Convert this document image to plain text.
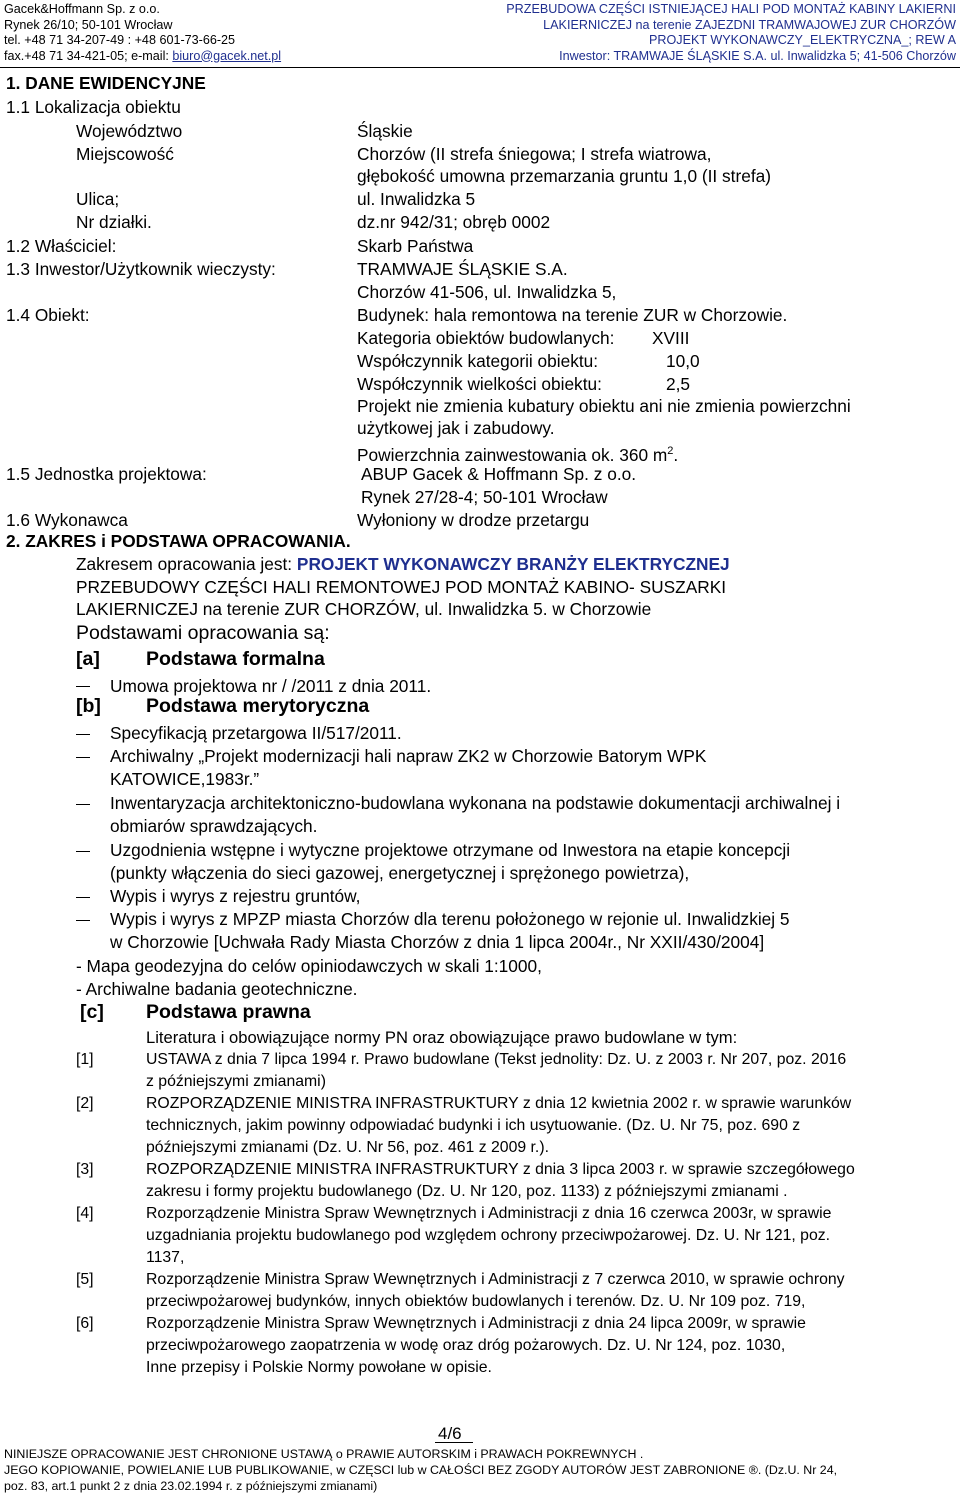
Gacek&Hoffmann Sp. z o.o.
Rynek 26/10; 50-101 Wrocław
tel. +48 71 34-207-49 : +48 601-73-66-25
fax.+48 71 34-421-05; e-mail: biuro@gacek.net.pl
PRZEBUDOWA CZĘŚCI ISTNIEJĄCEJ HALI POD MONTAŻ KABINY LAKIERNI
LAKIERNICZEJ na terenie ZAJEZDNI TRAMWAJOWEJ ZUR CHORZÓW
PROJEKT WYKONAWCZY_ELEKTRYCZNA_; REW A
Inwestor: TRAMWAJE ŚLĄSKIE S.A. ul. Inwalidzka 5; 41-506 Chorzów
1. DANE EWIDENCYJNE
1.1 Lokalizacja obiektu
Województwo	Śląskie
Miejscowość	Chorzów (II strefa śniegowa; I strefa wiatrowa,
głębokość umowna przemarzania gruntu 1,0 (II strefa)
Ulica;	ul. Inwalidzka 5
Nr działki.	dz.nr 942/31; obręb 0002
1.2 Właściciel:	Skarb Państwa
1.3 Inwestor/Użytkownik wieczysty:	TRAMWAJE ŚLĄSKIE S.A.
Chorzów 41-506, ul. Inwalidzka 5,
1.4 Obiekt:	Budynek: hala remontowa na terenie ZUR w Chorzowie.
Kategoria obiektów budowlanych: XVIII
Współczynnik kategorii obiektu:	10,0
Współczynnik wielkości obiektu:	2,5
Projekt nie zmienia kubatury obiektu ani nie zmienia powierzchni
użytkowej jak i zabudowy.
Powierzchnia zainwestowania ok. 360 $m^2$.
1.5 Jednostka projektowa:	ABUP Gacek & Hoffmann Sp. z o.o.
Rynek 27/28-4; 50-101 Wrocław
1.6 Wykonawca	Wyłoniony w drodze przetargu
2. ZAKRES i PODSTAWA OPRACOWANIA.
Zakresem opracowania jest: PROJEKT WYKONAWCZY BRANŻY ELEKTRYCZNEJ
PRZEBUDOWY CZĘŚCI HALI REMONTOWEJ POD MONTAŻ KABINO- SUSZARKI
LAKIERNICZEJ na terenie ZUR CHORZÓW, ul. Inwalidzka 5. w Chorzowie
Podstawami opracowania są:
[a] Podstawa formalna
Umowa projektowa nr / /2011 z dnia 2011.
[b] Podstawa merytoryczna
Specyfikacją przetargowa II/517/2011.
Archiwalny „Projekt modernizacji hali napraw ZK2 w Chorzowie Batorym WPK
KATOWICE,1983r.”
Inwentaryzacja architektoniczno-budowlana wykonana na podstawie dokumentacji archiwalnej i
obmiarów sprawdzających.
Uzgodnienia wstępne i wytyczne projektowe otrzymane od Inwestora na etapie koncepcji
(punkty włączenia do sieci gazowej, energetycznej i sprężonego powietrza),
Wypis i wyrys z rejestru gruntów,
Wypis i wyrys z MPZP miasta Chorzów dla terenu położonego w rejonie ul. Inwalidzkiej 5
w Chorzowie [Uchwała Rady Miasta Chorzów z dnia 1 lipca 2004r., Nr XXII/430/2004]
- Mapa geodezyjna do celów opiniodawczych w skali 1:1000,
- Archiwalne badania geotechniczne.
[c] Podstawa prawna
Literatura i obowiązujące normy PN oraz obowiązujące prawo budowlane w tym:
[1]	USTAWA z dnia 7 lipca 1994 r. Prawo budowlane (Tekst jednolity: Dz. U. z 2003 r. Nr 207, poz. 2016
z późniejszymi zmianami)
[2]	ROZPORZĄDZENIE MINISTRA INFRASTRUKTURY z dnia 12 kwietnia 2002 r. w sprawie warunków
technicznych, jakim powinny odpowiadać budynki i ich usytuowanie. (Dz. U. Nr 75, poz. 690 z
późniejszymi zmianami (Dz. U. Nr 56, poz. 461 z 2009 r.).
[3]	ROZPORZĄDZENIE MINISTRA INFRASTRUKTURY z dnia 3 lipca 2003 r. w sprawie szczegółowego
zakresu i formy projektu budowlanego (Dz. U. Nr 120, poz. 1133) z późniejszymi zmianami .
[4]	Rozporządzenie Ministra Spraw Wewnętrznych i Administracji z dnia 16 czerwca 2003r, w sprawie
uzgadniania projektu budowlanego pod względem ochrony przeciwpożarowej. Dz. U. Nr 121, poz.
1137,
[5]	Rozporządzenie Ministra Spraw Wewnętrznych i Administracji z 7 czerwca 2010, w sprawie ochrony
przeciwpożarowej budynków, innych obiektów budowlanych i terenów. Dz. U. Nr 109 poz. 719,
[6]	Rozporządzenie Ministra Spraw Wewnętrznych i Administracji z dnia 24 lipca 2009r, w sprawie
przeciwpożarowego zaopatrzenia w wodę oraz dróg pożarowych. Dz. U. Nr 124, poz. 1030,
Inne przepisy i Polskie Normy powołane w opisie.
4/6
NINIEJSZE OPRACOWANIE JEST CHRONIONE USTAWĄ o PRAWIE AUTORSKIM i PRAWACH POKREWNYCH .
JEGO KOPIOWANIE, POWIELANIE LUB PUBLIKOWANIE, w CZĘSCI lub w CAŁOŚCI BEZ ZGODY AUTORÓW JEST ZABRONIONE ®. (Dz.U. Nr 24,
poz. 83, art.1 punkt 2 z dnia 23.02.1994 r. z późniejszymi zmianami)
